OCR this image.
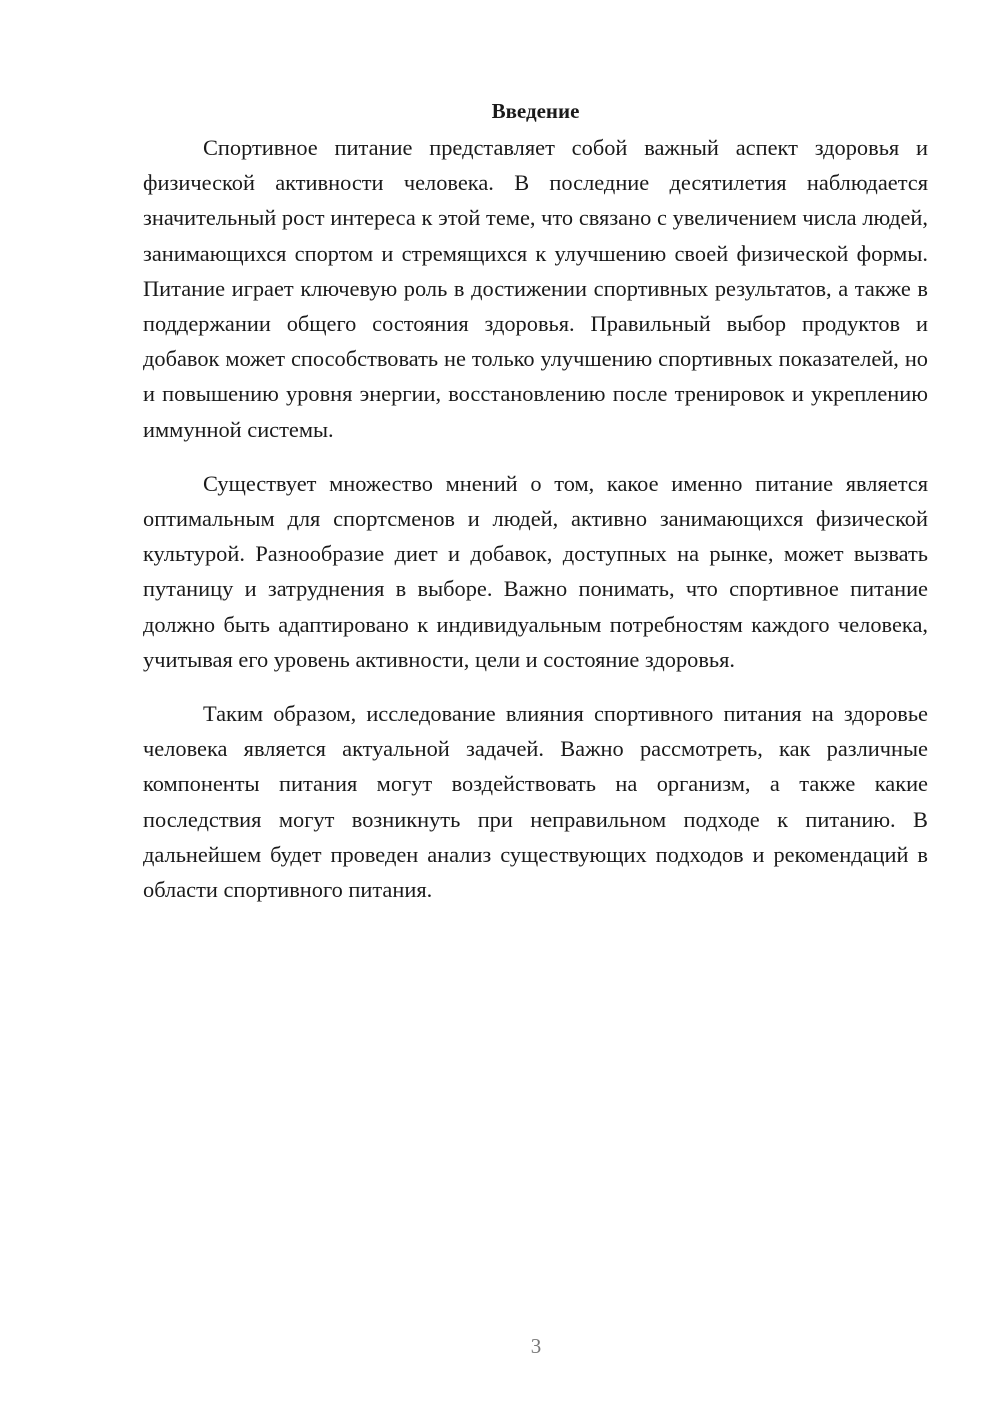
Введение

Спортивное питание представляет собой важный аспект здоровья и физической активности человека. В последние десятилетия наблюдается значительный рост интереса к этой теме, что связано с увеличением числа людей, занимающихся спортом и стремящихся к улучшению своей физической формы. Питание играет ключевую роль в достижении спортивных результатов, а также в поддержании общего состояния здоровья. Правильный выбор продуктов и добавок может способствовать не только улучшению спортивных показателей, но и повышению уровня энергии, восстановлению после тренировок и укреплению иммунной системы.

Существует множество мнений о том, какое именно питание является оптимальным для спортсменов и людей, активно занимающихся физической культурой. Разнообразие диет и добавок, доступных на рынке, может вызвать путаницу и затруднения в выборе. Важно понимать, что спортивное питание должно быть адаптировано к индивидуальным потребностям каждого человека, учитывая его уровень активности, цели и состояние здоровья.

Таким образом, исследование влияния спортивного питания на здоровье человека является актуальной задачей. Важно рассмотреть, как различные компоненты питания могут воздействовать на организм, а также какие последствия могут возникнуть при неправильном подходе к питанию. В дальнейшем будет проведен анализ существующих подходов и рекомендаций в области спортивного питания.

3
